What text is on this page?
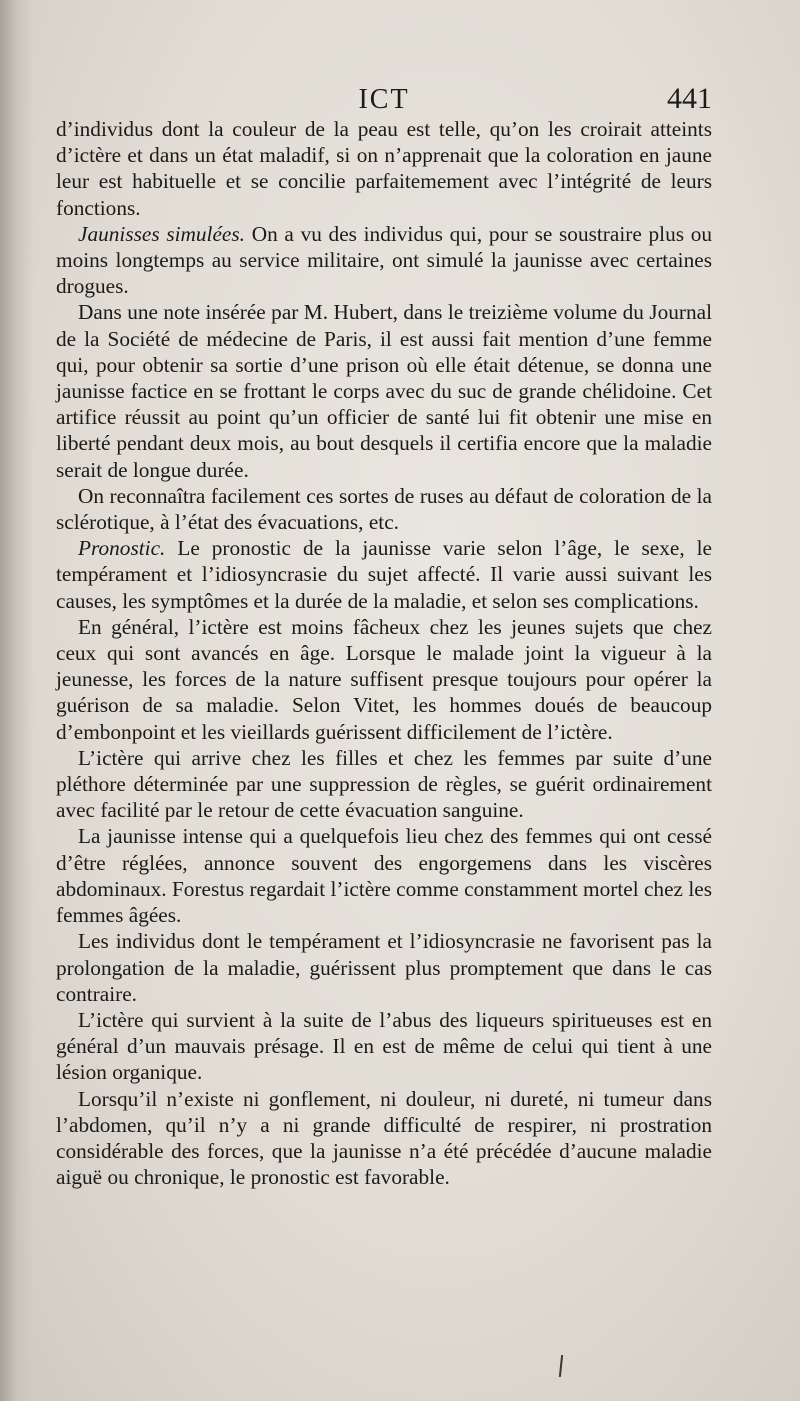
ICT	441

d’individus dont la couleur de la peau est telle, qu’on les croirait atteints d’ictère et dans un état maladif, si on n’apprenait que la coloration en jaune leur est habituelle et se concilie parfaitemement avec l’intégrité de leurs fonctions.

Jaunisses simulées. On a vu des individus qui, pour se soustraire plus ou moins longtemps au service militaire, ont simulé la jaunisse avec certaines drogues.

Dans une note insérée par M. Hubert, dans le treizième volume du Journal de la Société de médecine de Paris, il est aussi fait mention d’une femme qui, pour obtenir sa sortie d’une prison où elle était détenue, se donna une jaunisse factice en se frottant le corps avec du suc de grande chélidoine. Cet artifice réussit au point qu’un officier de santé lui fit obtenir une mise en liberté pendant deux mois, au bout desquels il certifia encore que la maladie serait de longue durée.

On reconnaîtra facilement ces sortes de ruses au défaut de coloration de la sclérotique, à l’état des évacuations, etc.

Pronostic. Le pronostic de la jaunisse varie selon l’âge, le sexe, le tempérament et l’idiosyncrasie du sujet affecté. Il varie aussi suivant les causes, les symptômes et la durée de la maladie, et selon ses complications.

En général, l’ictère est moins fâcheux chez les jeunes sujets que chez ceux qui sont avancés en âge. Lorsque le malade joint la vigueur à la jeunesse, les forces de la nature suffisent presque toujours pour opérer la guérison de sa maladie. Selon Vitet, les hommes doués de beaucoup d’embonpoint et les vieillards guérissent difficilement de l’ictère.

L’ictère qui arrive chez les filles et chez les femmes par suite d’une pléthore déterminée par une suppression de règles, se guérit ordinairement avec facilité par le retour de cette évacuation sanguine.

La jaunisse intense qui a quelquefois lieu chez des femmes qui ont cessé d’être réglées, annonce souvent des engorgemens dans les viscères abdominaux. Forestus regardait l’ictère comme constamment mortel chez les femmes âgées.

Les individus dont le tempérament et l’idiosyncrasie ne favorisent pas la prolongation de la maladie, guérissent plus promptement que dans le cas contraire.

L’ictère qui survient à la suite de l’abus des liqueurs spiritueuses est en général d’un mauvais présage. Il en est de même de celui qui tient à une lésion organique.

Lorsqu’il n’existe ni gonflement, ni douleur, ni dureté, ni tumeur dans l’abdomen, qu’il n’y a ni grande difficulté de respirer, ni prostration considérable des forces, que la jaunisse n’a été précédée d’aucune maladie aiguë ou chronique, le pronostic est favorable.
